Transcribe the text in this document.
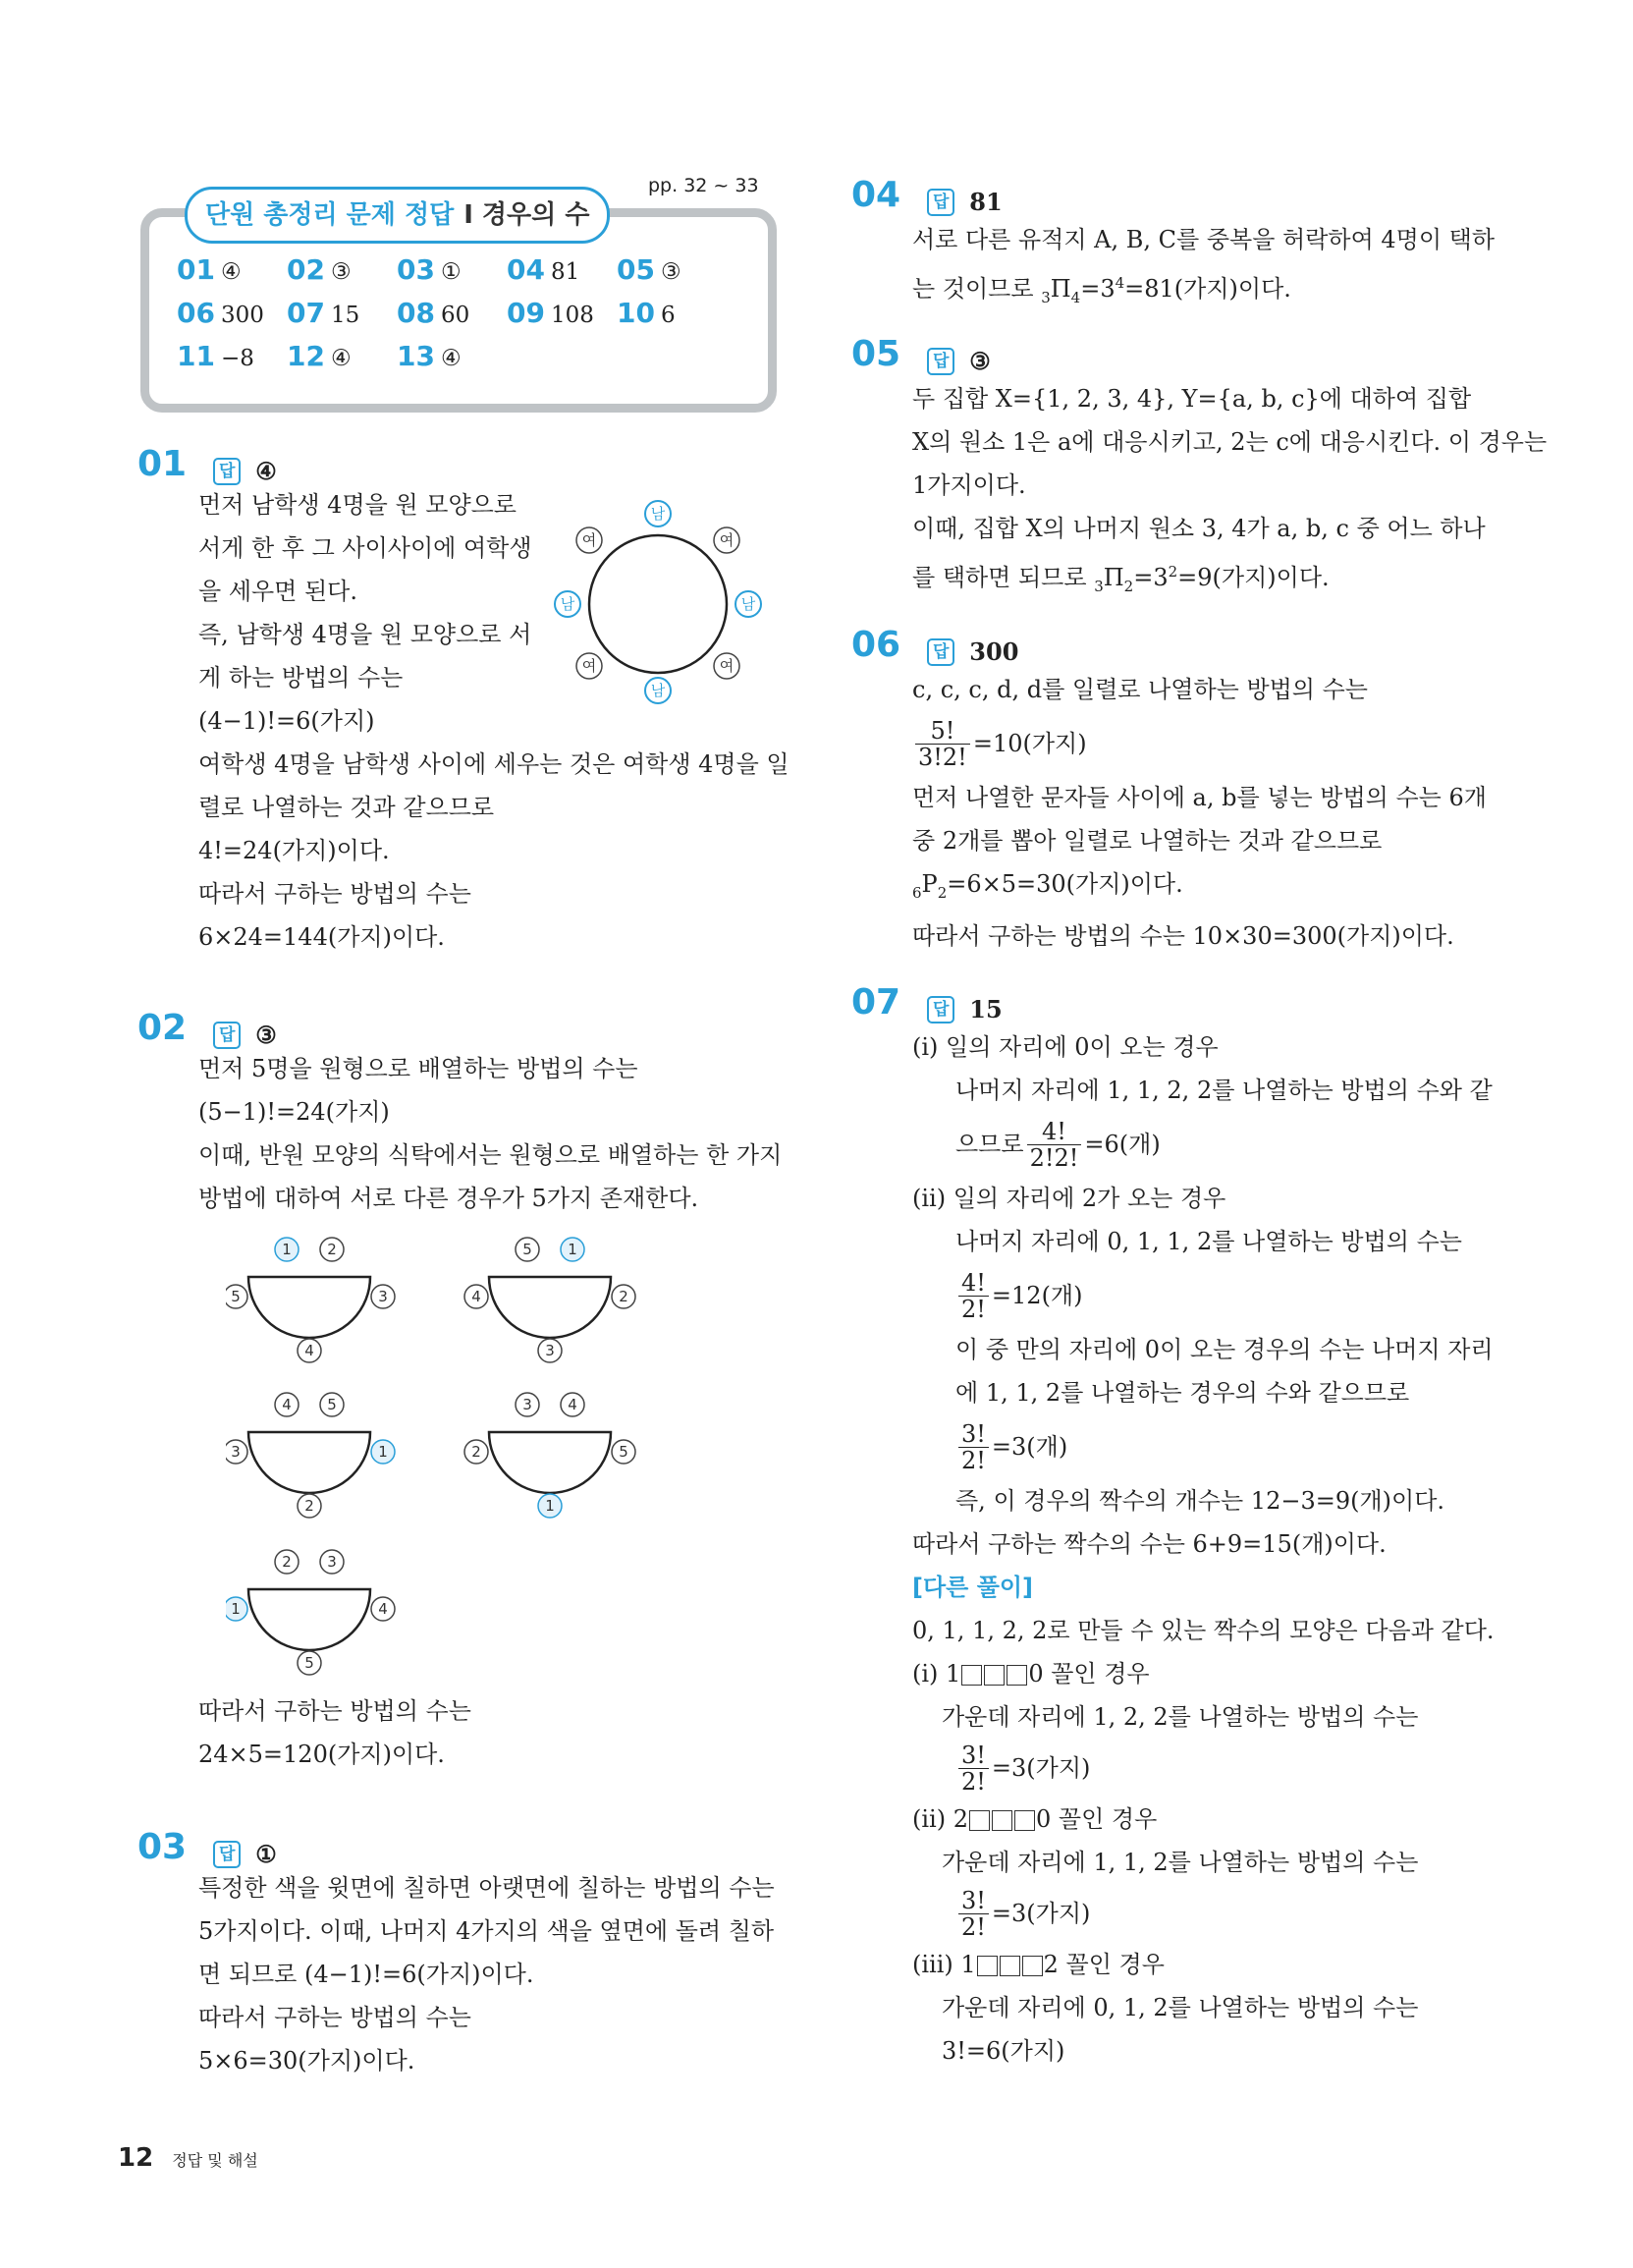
단원 총정리 문제 정답 Ⅰ 경우의 수
pp. 32 ~ 33
01 ④ 02 ③ 03 ① 04 81 05 ③
06 300 07 15 08 60 09 108 10 6
11 −8 12 ④ 13 ④
01 답 ④
먼저 남학생 4명을 원 모양으로
서게 한 후 그 사이사이에 여학생
을 세우면 된다.
즉, 남학생 4명을 원 모양으로 서
게 하는 방법의 수는
(4−1)!=6(가지)
여학생 4명을 남학생 사이에 세우는 것은 여학생 4명을 일
렬로 나열하는 것과 같으므로
4!=24(가지)이다.
따라서 구하는 방법의 수는
6×24=144(가지)이다.
남
남	남
남
여	여
여	여
02 답 ③
먼저 5명을 원형으로 배열하는 방법의 수는
(5−1)!=24(가지)
이때, 반원 모양의 식탁에서는 원형으로 배열하는 한 가지
방법에 대하여 서로 다른 경우가 5가지 존재한다.
1 2
5	3
4
5 1
4	2
3
4 5
3	1
2
3 4
2	5
1
2 3
1	4
5
따라서 구하는 방법의 수는
24×5=120(가지)이다.
03 답 ①
특정한 색을 윗면에 칠하면 아랫면에 칠하는 방법의 수는
5가지이다. 이때, 나머지 4가지의 색을 옆면에 돌려 칠하
면 되므로 (4−1)!=6(가지)이다.
따라서 구하는 방법의 수는
5×6=30(가지)이다.
04 답 81
서로 다른 유적지 A, B, C를 중복을 허락하여 4명이 택하
는 것이므로 $_3\Pi_4=3^4=81$(가지)이다.
05 답 ③
두 집합 X={1, 2, 3, 4}, Y={a, b, c}에 대하여 집합
X의 원소 1은 a에 대응시키고, 2는 c에 대응시킨다. 이 경우는
1가지이다.
이때, 집합 X의 나머지 원소 3, 4가 a, b, c 중 어느 하나
를 택하면 되므로 $_3\Pi_2=3^2=9$(가지)이다.
06 답 300
c, c, c, d, d를 일렬로 나열하는 방법의 수는
$\frac{5!}{3!2!} =10$(가지)
먼저 나열한 문자들 사이에 a, b를 넣는 방법의 수는 6개
중 2개를 뽑아 일렬로 나열하는 것과 같으므로
$_6P_2=6\times 5=30$(가지)이다.
따라서 구하는 방법의 수는 10×30=300(가지)이다.
07 답 15
(ⅰ) 일의 자리에 0이 오는 경우
나머지 자리에 1, 1, 2, 2를 나열하는 방법의 수와 같
으므로 $\frac{4!}{2!2!} =6$(개)
(ⅱ) 일의 자리에 2가 오는 경우
나머지 자리에 0, 1, 1, 2를 나열하는 방법의 수는
$\frac{4!}{2!} =12$(개)
이 중 만의 자리에 0이 오는 경우의 수는 나머지 자리
에 1, 1, 2를 나열하는 경우의 수와 같으므로
$\frac{3!}{2!} =3$(개)
즉, 이 경우의 짝수의 개수는 12−3=9(개)이다.
따라서 구하는 짝수의 수는 6+9=15(개)이다.
[다른 풀이]
0, 1, 1, 2, 2로 만들 수 있는 짝수의 모양은 다음과 같다.
(ⅰ) 1	0 꼴인 경우
가운데 자리에 1, 2, 2를 나열하는 방법의 수는
$\frac{3!}{2!} =3$(가지)
(ⅱ) 2	0 꼴인 경우
가운데 자리에 1, 1, 2를 나열하는 방법의 수는
$\frac{3!}{2!} =3$(가지)
(ⅲ) 1	2 꼴인 경우
가운데 자리에 0, 1, 2를 나열하는 방법의 수는
3!=6(가지)
12 정답 및 해설
